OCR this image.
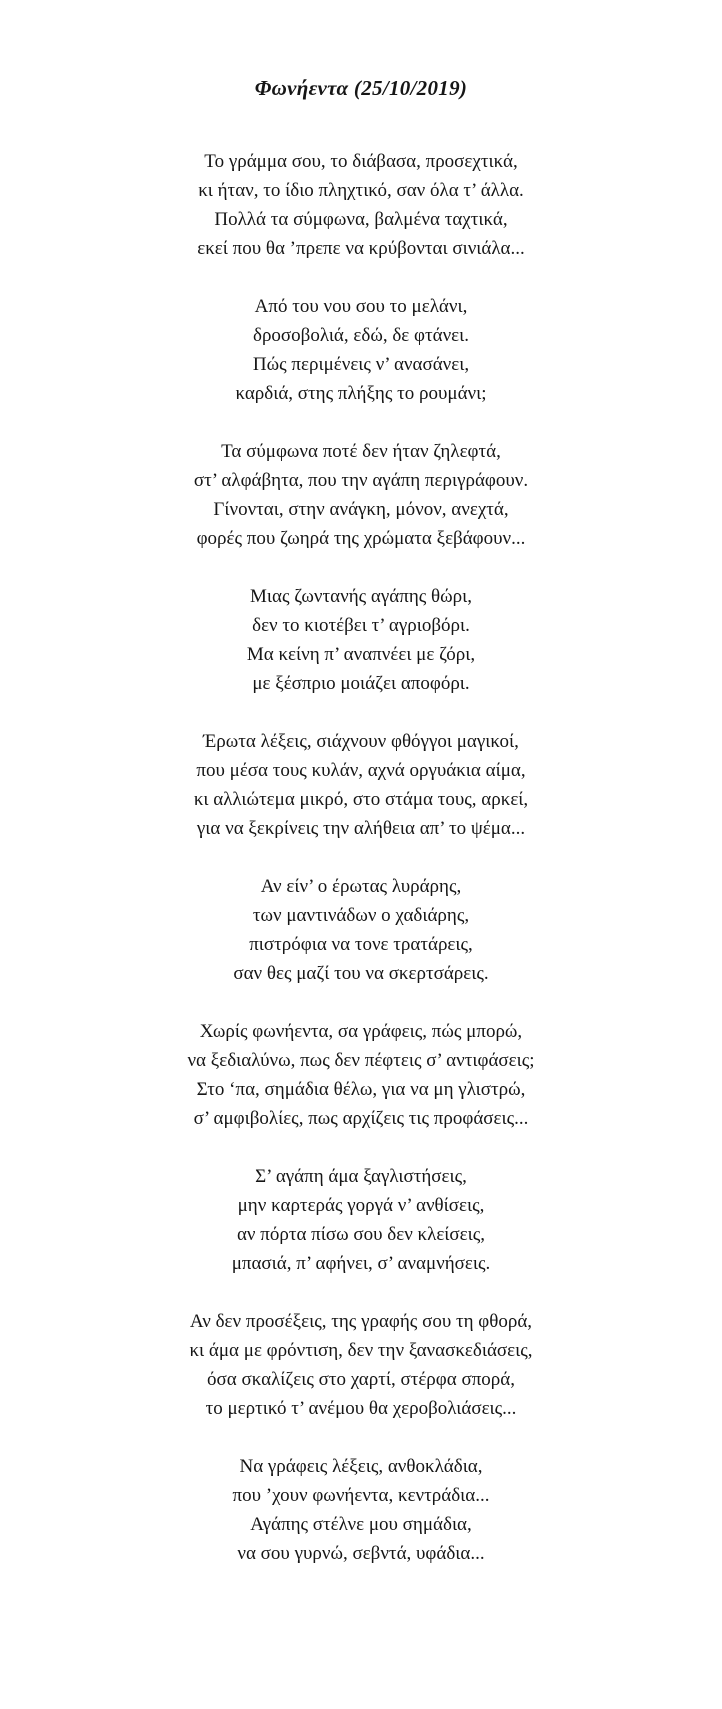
Φωνήεντα (25/10/2019)

Το γράμμα σου, το διάβασα, προσεχτικά,

κι ήταν, το ίδιο πληχτικό, σαν όλα τ’ άλλα.

Πολλά τα σύμφωνα, βαλμένα ταχτικά,

εκεί που θα ’πρεπε να κρύβονται σινιάλα...

Από του νου σου το μελάνι,

δροσοβολιά, εδώ, δε φτάνει.

Πώς περιμένεις ν’ ανασάνει,

καρδιά, στης πλήξης το ρουμάνι;

Τα σύμφωνα ποτέ δεν ήταν ζηλεφτά,

στ’ αλφάβητα, που την αγάπη περιγράφουν.

Γίνονται, στην ανάγκη, μόνον, ανεχτά,

φορές που ζωηρά της χρώματα ξεβάφουν...

Μιας ζωντανής αγάπης θώρι,

δεν το κιοτέβει τ’ αγριοβόρι.

Μα κείνη π’ αναπνέει με ζόρι,

με ξέσπριο μοιάζει αποφόρι.

Έρωτα λέξεις, σιάχνουν φθόγγοι μαγικοί,

που μέσα τους κυλάν, αχνά οργυάκια αίμα,

κι αλλιώτεμα μικρό, στο στάμα τους, αρκεί,

για να ξεκρίνεις την αλήθεια απ’ το ψέμα...

Αν είν’ ο έρωτας λυράρης,

των μαντινάδων ο χαδιάρης,

πιστρόφια να τονε τρατάρεις,

σαν θες μαζί του να σκερτσάρεις.

Χωρίς φωνήεντα, σα γράφεις, πώς μπορώ,

να ξεδιαλύνω, πως δεν πέφτεις σ’ αντιφάσεις;

Στο ‘πα, σημάδια θέλω, για να μη γλιστρώ,

σ’ αμφιβολίες, πως αρχίζεις τις προφάσεις...

Σ’ αγάπη άμα ξαγλιστήσεις,

μην καρτεράς γοργά ν’ ανθίσεις,

αν πόρτα πίσω σου δεν κλείσεις,

μπασιά, π’ αφήνει, σ’ αναμνήσεις.

Αν δεν προσέξεις, της γραφής σου τη φθορά,

κι άμα με φρόντιση, δεν την ξανασκεδιάσεις,

όσα σκαλίζεις στο χαρτί, στέρφα σπορά,

το μερτικό τ’ ανέμου θα χεροβολιάσεις...

Να γράφεις λέξεις, ανθοκλάδια,

που ’χουν φωνήεντα, κεντράδια...

Αγάπης στέλνε μου σημάδια,

να σου γυρνώ, σεβντά, υφάδια...
